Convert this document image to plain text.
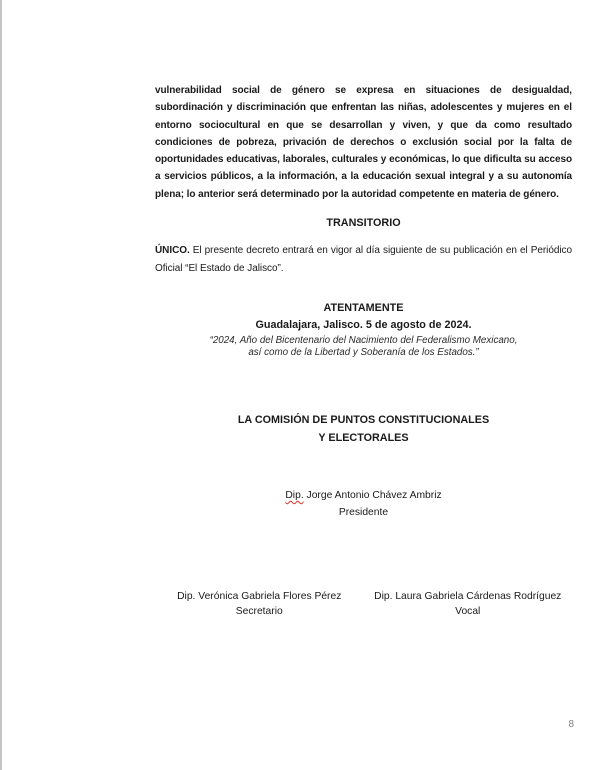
vulnerabilidad social de género se expresa en situaciones de desigualdad, subordinación y discriminación que enfrentan las niñas, adolescentes y mujeres en el entorno sociocultural en que se desarrollan y viven, y que da como resultado condiciones de pobreza, privación de derechos o exclusión social por la falta de oportunidades educativas, laborales, culturales y económicas, lo que dificulta su acceso a servicios públicos, a la información, a la educación sexual integral y a su autonomía plena; lo anterior será determinado por la autoridad competente en materia de género.

TRANSITORIO

ÚNICO. El presente decreto entrará en vigor al día siguiente de su publicación en el Periódico Oficial “El Estado de Jalisco”.

ATENTAMENTE
Guadalajara, Jalisco. 5 de agosto de 2024.
“2024, Año del Bicentenario del Nacimiento del Federalismo Mexicano,
así como de la Libertad y Soberanía de los Estados.”
LA COMISIÓN DE PUNTOS CONSTITUCIONALES
Y ELECTORALES
Dip. Jorge Antonio Chávez Ambriz
Presidente
Dip. Verónica Gabriela Flores Pérez
Secretario
Dip. Laura Gabriela Cárdenas Rodríguez
Vocal
8
